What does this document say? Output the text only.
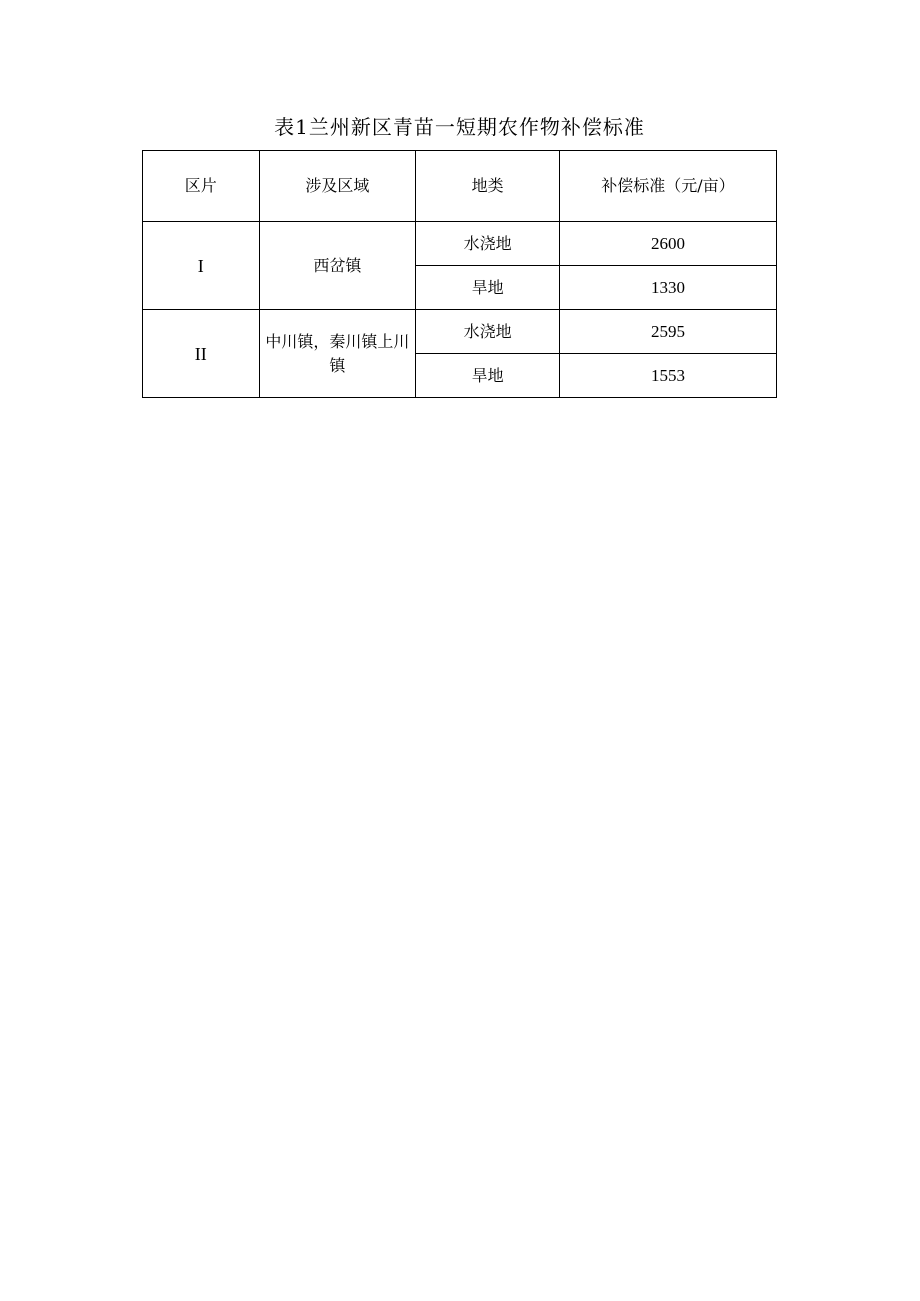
表1兰州新区青苗一短期农作物补偿标准
区片	涉及区域	地类	补偿标准（元/亩）
I	西岔镇	水浇地	2600
		旱地	1330
II	中川镇，秦川镇上川镇	水浇地	2595
		旱地	1553
